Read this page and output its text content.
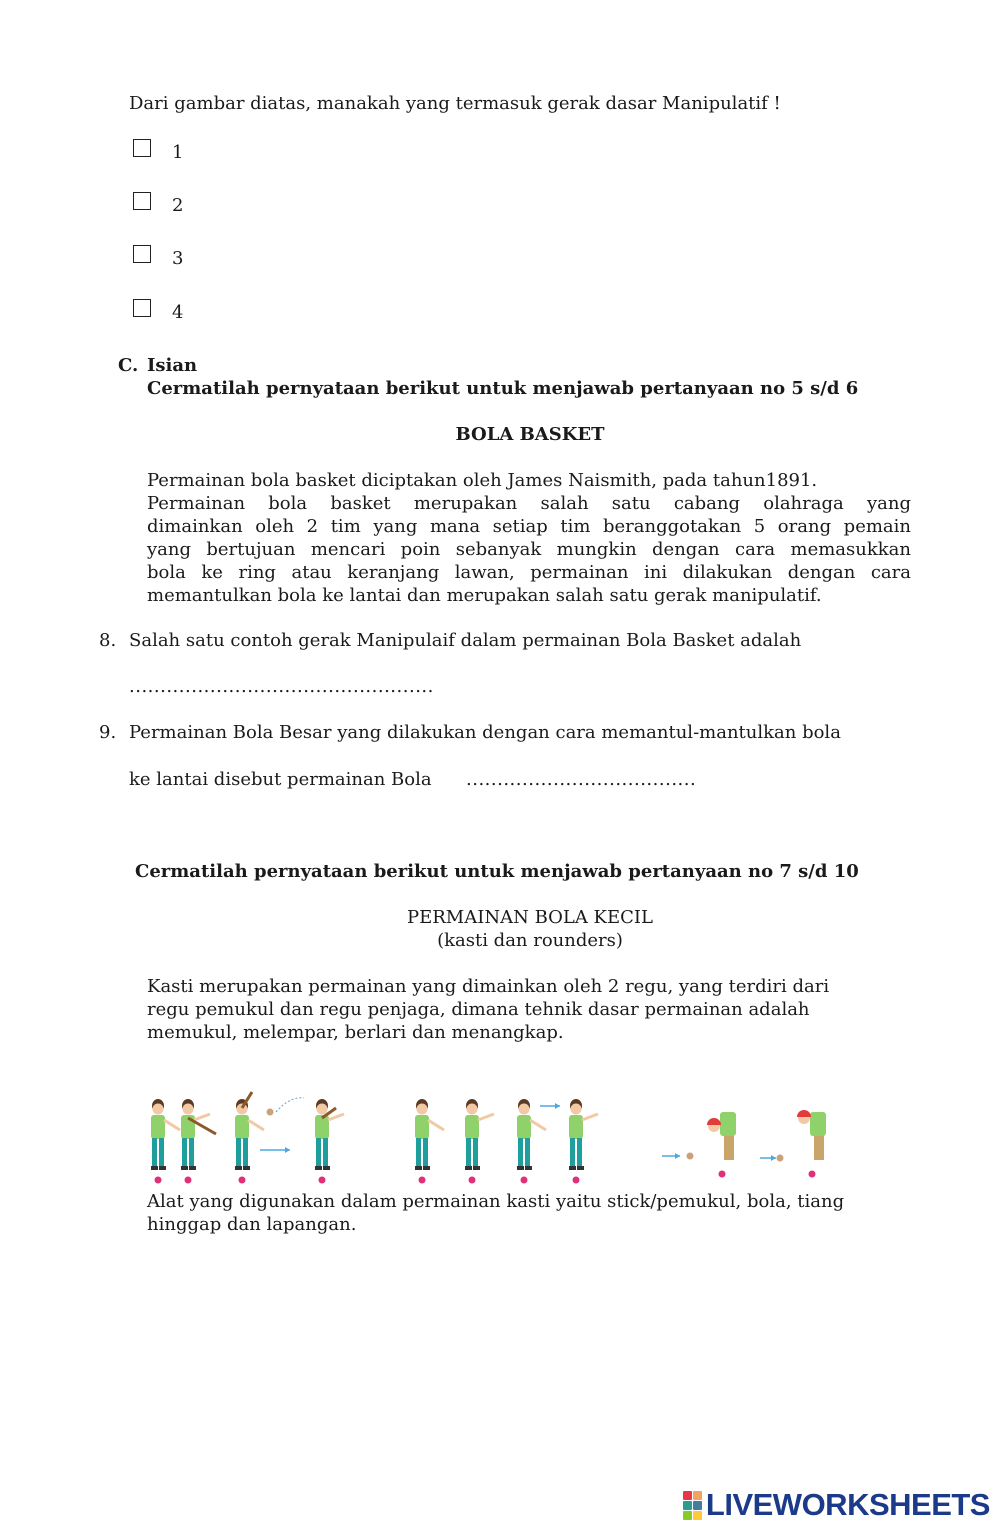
Dari gambar diatas, manakah yang termasuk gerak dasar Manipulatif !
1
2
3
4
C. Isian
Cermatilah pernyataan berikut untuk menjawab pertanyaan no 5 s/d 6
BOLA BASKET
Permainan bola basket diciptakan oleh James Naismith, pada tahun1891.
Permainan bola basket merupakan salah satu cabang olahraga yang
dimainkan oleh 2 tim yang mana setiap tim beranggotakan 5 orang pemain
yang bertujuan mencari poin sebanyak mungkin dengan cara memasukkan
bola ke ring atau keranjang lawan, permainan ini dilakukan dengan cara
memantulkan bola ke lantai dan merupakan salah satu gerak manipulatif.
8. Salah satu contoh gerak Manipulaif dalam permainan Bola Basket adalah
.................................................
9. Permainan Bola Besar yang dilakukan dengan cara memantul-mantulkan bola
ke lantai disebut permainan Bola .....................................
Cermatilah pernyataan berikut untuk menjawab pertanyaan no 7 s/d 10
PERMAINAN BOLA KECIL
(kasti dan rounders)
Kasti merupakan permainan yang dimainkan oleh 2 regu, yang terdiri dari
regu pemukul dan regu penjaga, dimana tehnik dasar permainan adalah
memukul, melempar, berlari dan menangkap.
Alat yang digunakan dalam permainan kasti yaitu stick/pemukul, bola, tiang
hinggap dan lapangan.
LIVEWORKSHEETS
